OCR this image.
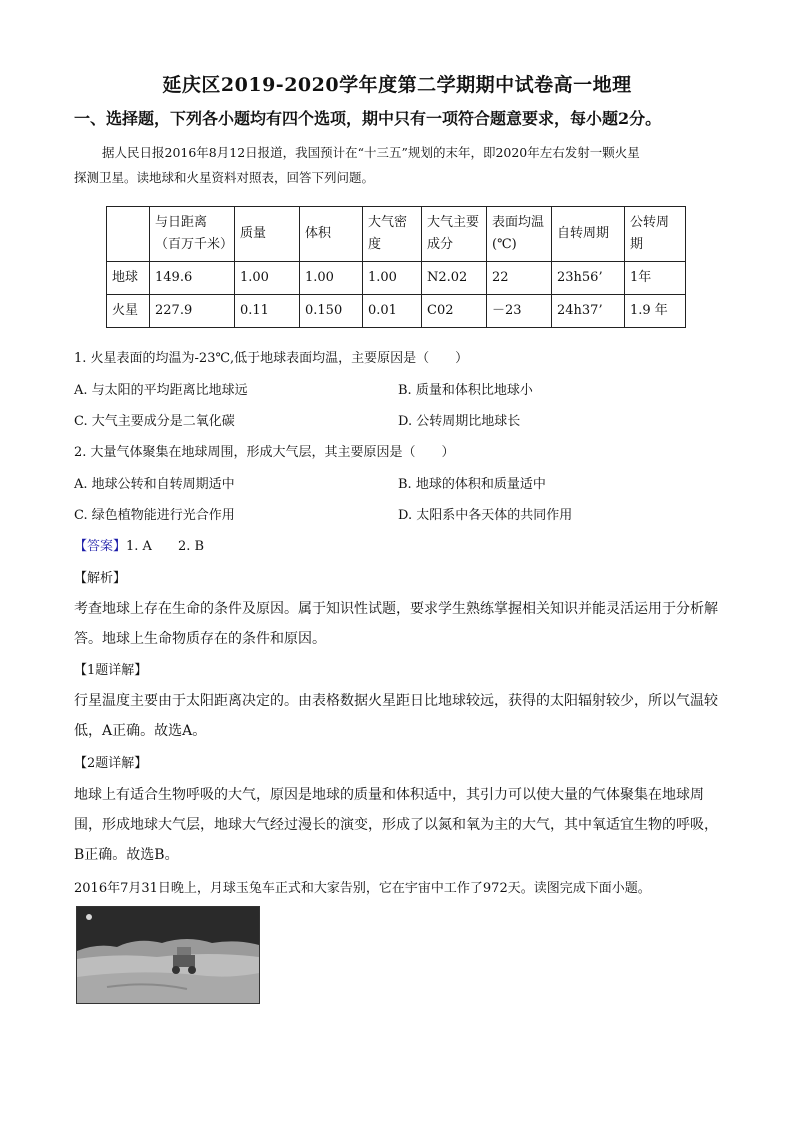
延庆区2019-2020学年度第二学期期中试卷高一地理
一、选择题，下列各小题均有四个选项，期中只有一项符合题意要求，每小题2分。
据人民日报2016年8月12日报道，我国预计在“十三五”规划的末年，即2020年左右发射一颗火星
探测卫星。读地球和火星资料对照表，回答下列问题。
	与日距离（百万千米）	质量	体积	大气密度	大气主要成分	表面均温(℃)	自转周期	公转周期
地球	149.6	1.00	1.00	1.00	N2.02	22	23h56’	1年
火星	227.9	0.11	0.150	0.01	C02	－23	24h37’	1.9 年
1. 火星表面的均温为-23℃,低于地球表面均温，主要原因是（　　）
A. 与太阳的平均距离比地球远	B. 质量和体积比地球小
C. 大气主要成分是二氧化碳	D. 公转周期比地球长
2. 大量气体聚集在地球周围，形成大气层，其主要原因是（　　）
A. 地球公转和自转周期适中	B. 地球的体积和质量适中
C. 绿色植物能进行光合作用	D. 太阳系中各天体的共同作用
【答案】1. A　　2. B
【解析】
考查地球上存在生命的条件及原因。属于知识性试题，要求学生熟练掌握相关知识并能灵活运用于分析解答。地球上生命物质存在的条件和原因。
【1题详解】
行星温度主要由于太阳距离决定的。由表格数据火星距日比地球较远，获得的太阳辐射较少，所以气温较低，A正确。故选A。
【2题详解】
地球上有适合生物呼吸的大气，原因是地球的质量和体积适中，其引力可以使大量的气体聚集在地球周围，形成地球大气层，地球大气经过漫长的演变，形成了以氮和氧为主的大气，其中氧适宜生物的呼吸，B正确。故选B。
2016年7月31日晚上，月球玉兔车正式和大家告别，它在宇宙中工作了972天。读图完成下面小题。
